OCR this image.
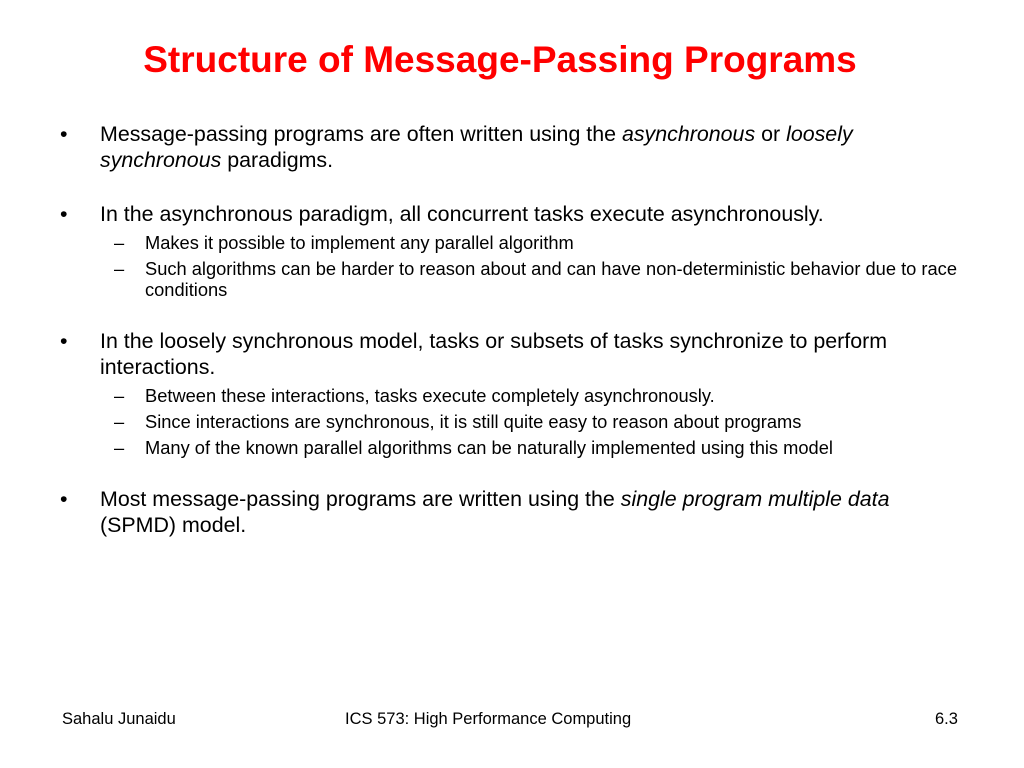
Structure of Message-Passing Programs
• Message-passing programs are often written using the asynchronous or loosely synchronous paradigms.
• In the asynchronous paradigm, all concurrent tasks execute asynchronously.
– Makes it possible to implement any parallel algorithm
– Such algorithms can be harder to reason about and can have non-deterministic behavior due to race conditions
• In the loosely synchronous model, tasks or subsets of tasks synchronize to perform interactions.
– Between these interactions, tasks execute completely asynchronously.
– Since interactions are synchronous, it is still quite easy to reason about programs
– Many of the known parallel algorithms can be naturally implemented using this model
• Most message-passing programs are written using the single program multiple data (SPMD) model.
Sahalu Junaidu	ICS 573: High Performance Computing	6.3
